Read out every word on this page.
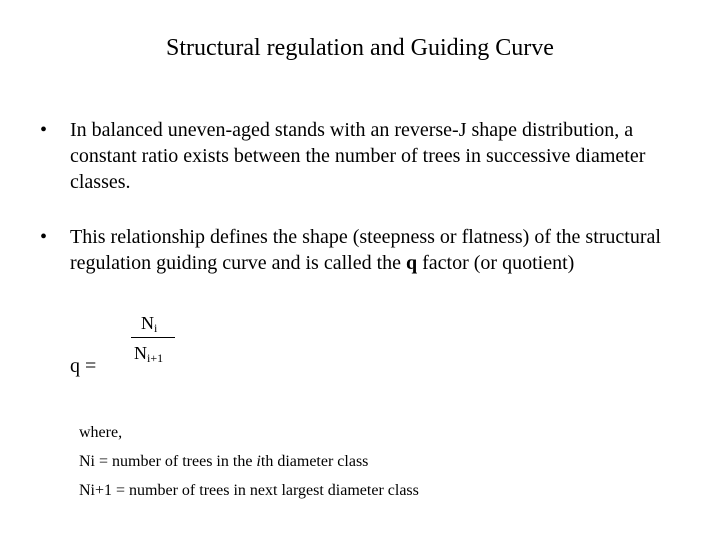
Structural regulation and Guiding Curve
• In balanced uneven-aged stands with an reverse-J shape distribution, a constant ratio exists between the number of trees in successive diameter classes.
• This relationship defines the shape (steepness or flatness) of the structural regulation guiding curve and is called the q factor (or quotient)
q =
$N_i$
$N_{i+1}$
where,
Ni = number of trees in the ith diameter class
Ni+1 = number of trees in next largest diameter class
